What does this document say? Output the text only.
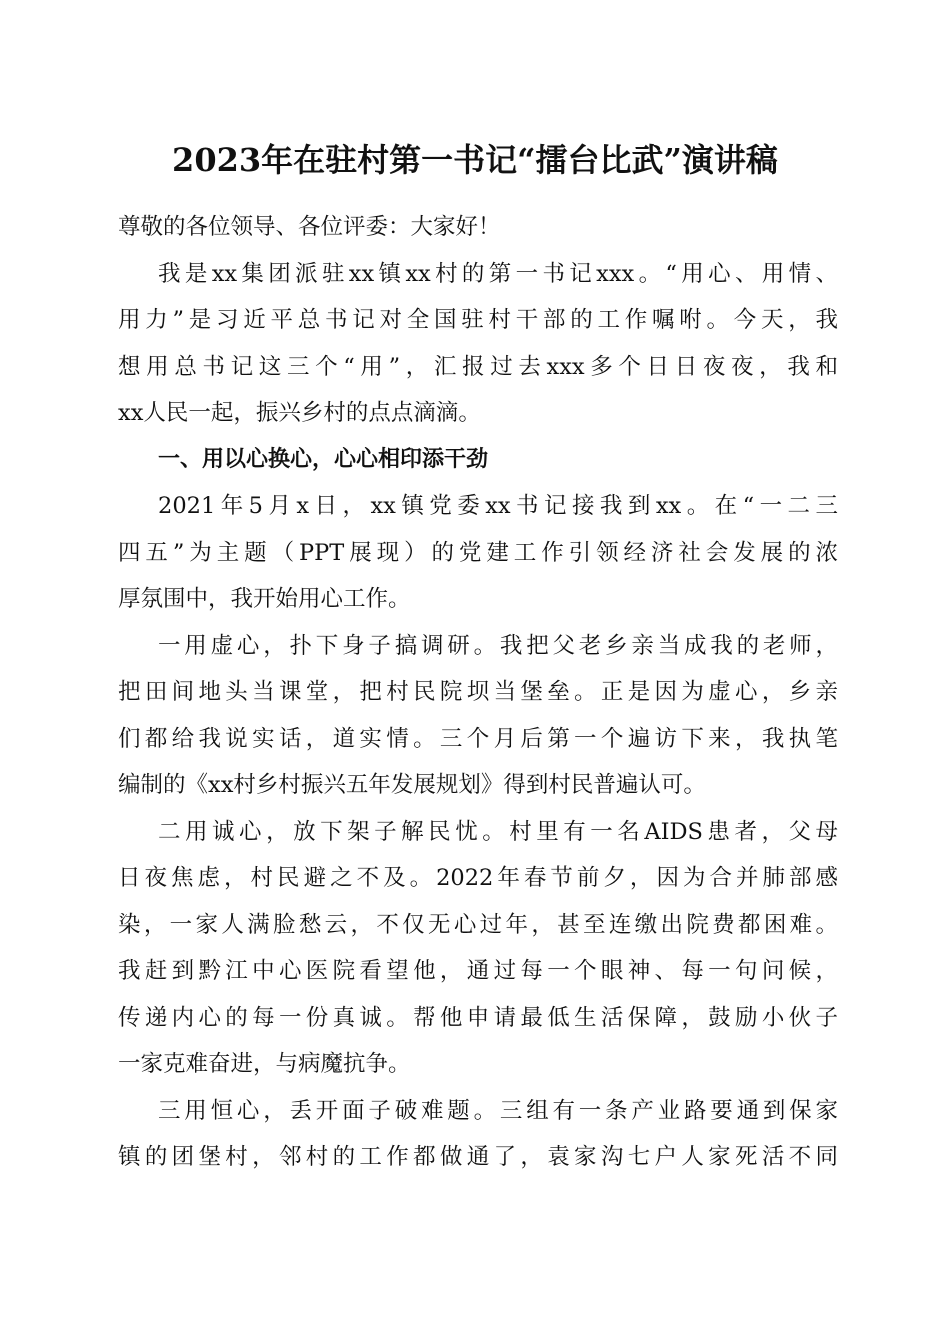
2023年在驻村第一书记“擂台比武”演讲稿
尊敬的各位领导、各位评委：大家好！
我是xx集团派驻xx镇xx村的第一书记xxx。“用心、用情、
用力”是习近平总书记对全国驻村干部的工作嘱咐。今天，我
想用总书记这三个“用”，汇报过去xxx多个日日夜夜，我和
xx人民一起，振兴乡村的点点滴滴。
一、用以心换心，心心相印添干劲
2021年5月x日，xx镇党委xx书记接我到xx。在“一二三
四五”为主题（PPT展现）的党建工作引领经济社会发展的浓
厚氛围中，我开始用心工作。
一用虚心，扑下身子搞调研。我把父老乡亲当成我的老师，
把田间地头当课堂，把村民院坝当堡垒。正是因为虚心，乡亲
们都给我说实话，道实情。三个月后第一个遍访下来，我执笔
编制的《xx村乡村振兴五年发展规划》得到村民普遍认可。
二用诚心，放下架子解民忧。村里有一名AIDS患者，父母
日夜焦虑，村民避之不及。2022年春节前夕，因为合并肺部感
染，一家人满脸愁云，不仅无心过年，甚至连缴出院费都困难。
我赶到黔江中心医院看望他，通过每一个眼神、每一句问候，
传递内心的每一份真诚。帮他申请最低生活保障，鼓励小伙子
一家克难奋进，与病魔抗争。
三用恒心，丢开面子破难题。三组有一条产业路要通到保家
镇的团堡村，邻村的工作都做通了，袁家沟七户人家死活不同
